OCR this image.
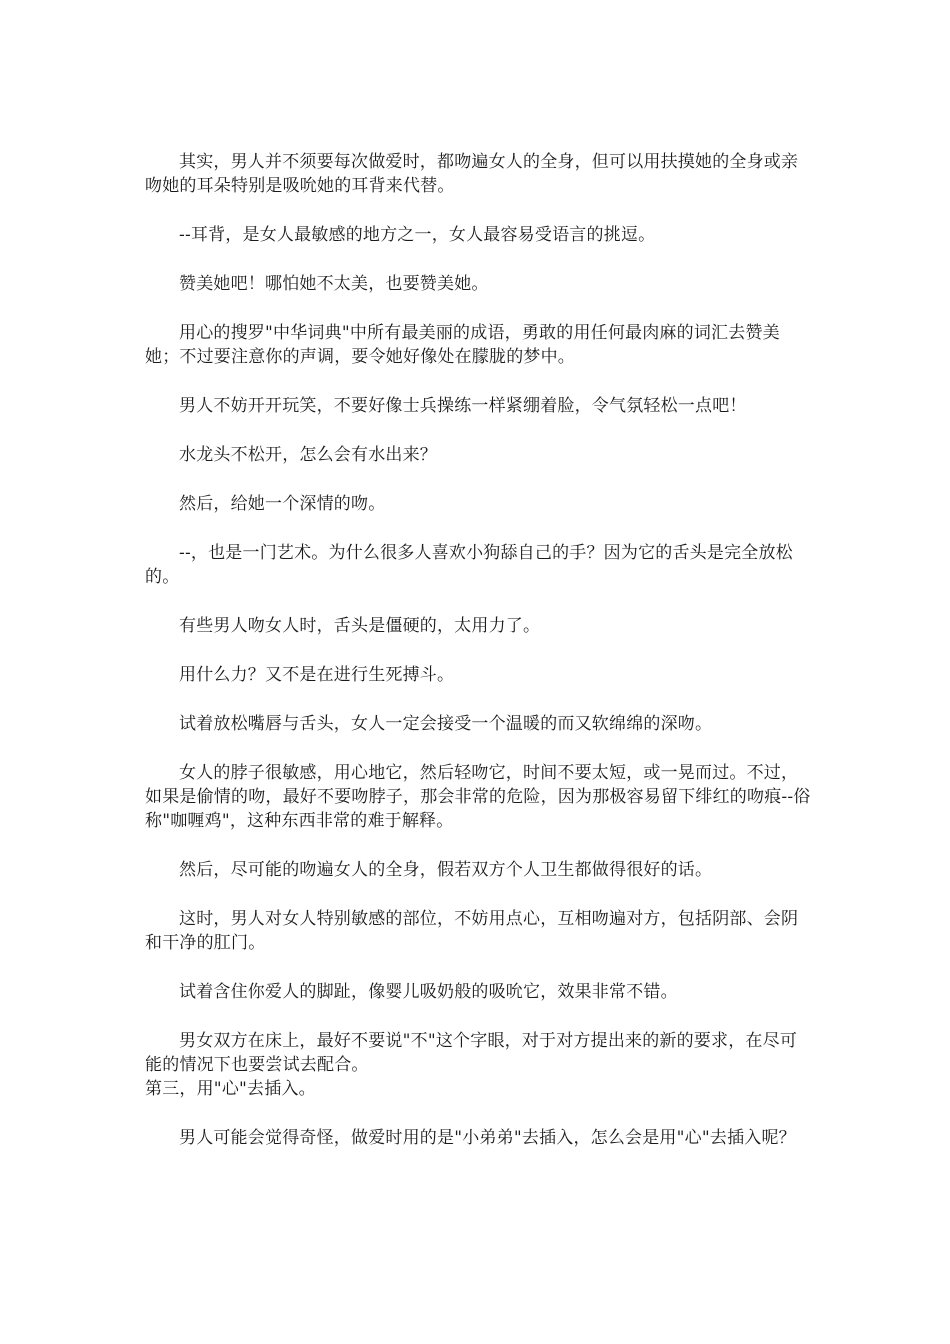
其实，男人并不须要每次做爱时，都吻遍女人的全身，但可以用扶摸她的全身或亲吻她的耳朵特别是吸吮她的耳背来代替。

--耳背，是女人最敏感的地方之一，女人最容易受语言的挑逗。

赞美她吧！哪怕她不太美，也要赞美她。

用心的搜罗"中华词典"中所有最美丽的成语，勇敢的用任何最肉麻的词汇去赞美她；不过要注意你的声调，要令她好像处在朦胧的梦中。

男人不妨开开玩笑，不要好像士兵操练一样紧绷着脸，令气氛轻松一点吧！

水龙头不松开，怎么会有水出来？

然后，给她一个深情的吻。

--，也是一门艺术。为什么很多人喜欢小狗舔自己的手？因为它的舌头是完全放松的。

有些男人吻女人时，舌头是僵硬的，太用力了。

用什么力？又不是在进行生死搏斗。

试着放松嘴唇与舌头，女人一定会接受一个温暖的而又软绵绵的深吻。

女人的脖子很敏感，用心地它，然后轻吻它，时间不要太短，或一晃而过。不过，如果是偷情的吻，最好不要吻脖子，那会非常的危险，因为那极容易留下绯红的吻痕--俗称"咖喱鸡"，这种东西非常的难于解释。

然后，尽可能的吻遍女人的全身，假若双方个人卫生都做得很好的话。

这时，男人对女人特别敏感的部位，不妨用点心，互相吻遍对方，包括阴部、会阴和干净的肛门。

试着含住你爱人的脚趾，像婴儿吸奶般的吸吮它，效果非常不错。

男女双方在床上，最好不要说"不"这个字眼，对于对方提出来的新的要求，在尽可能的情况下也要尝试去配合。

第三，用"心"去插入。

男人可能会觉得奇怪，做爱时用的是"小弟弟"去插入，怎么会是用"心"去插入呢？
